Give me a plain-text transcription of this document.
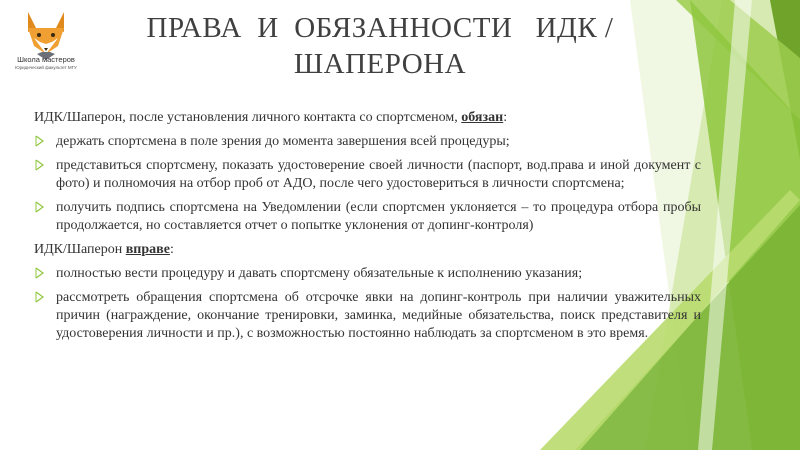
Школа мастеров
Юридический факультет МГУ
ПРАВА  И  ОБЯЗАННОСТИ   ИДК /
ШАПЕРОНА

ИДК/Шаперон, после установления личного контакта со спортсменом, обязан:

держать спортсмена в поле зрения до момента завершения всей процедуры;

представиться спортсмену, показать удостоверение своей личности (паспорт, вод.права и иной документ с фото) и полномочия на отбор проб от АДО, после чего удостовериться в личности спортсмена;

получить подпись спортсмена на Уведомлении (если спортсмен уклоняется – то процедура отбора пробы продолжается, но составляется отчет о попытке уклонения от допинг-контроля)

ИДК/Шаперон вправе:

полностью вести процедуру и давать спортсмену обязательные к исполнению указания;

рассмотреть обращения спортсмена об отсрочке явки на допинг-контроль при наличии уважительных причин (награждение, окончание тренировки, заминка, медийные обязательства, поиск представителя и удостоверения личности и пр.), с возможностью постоянно наблюдать за спортсменом в это время.
